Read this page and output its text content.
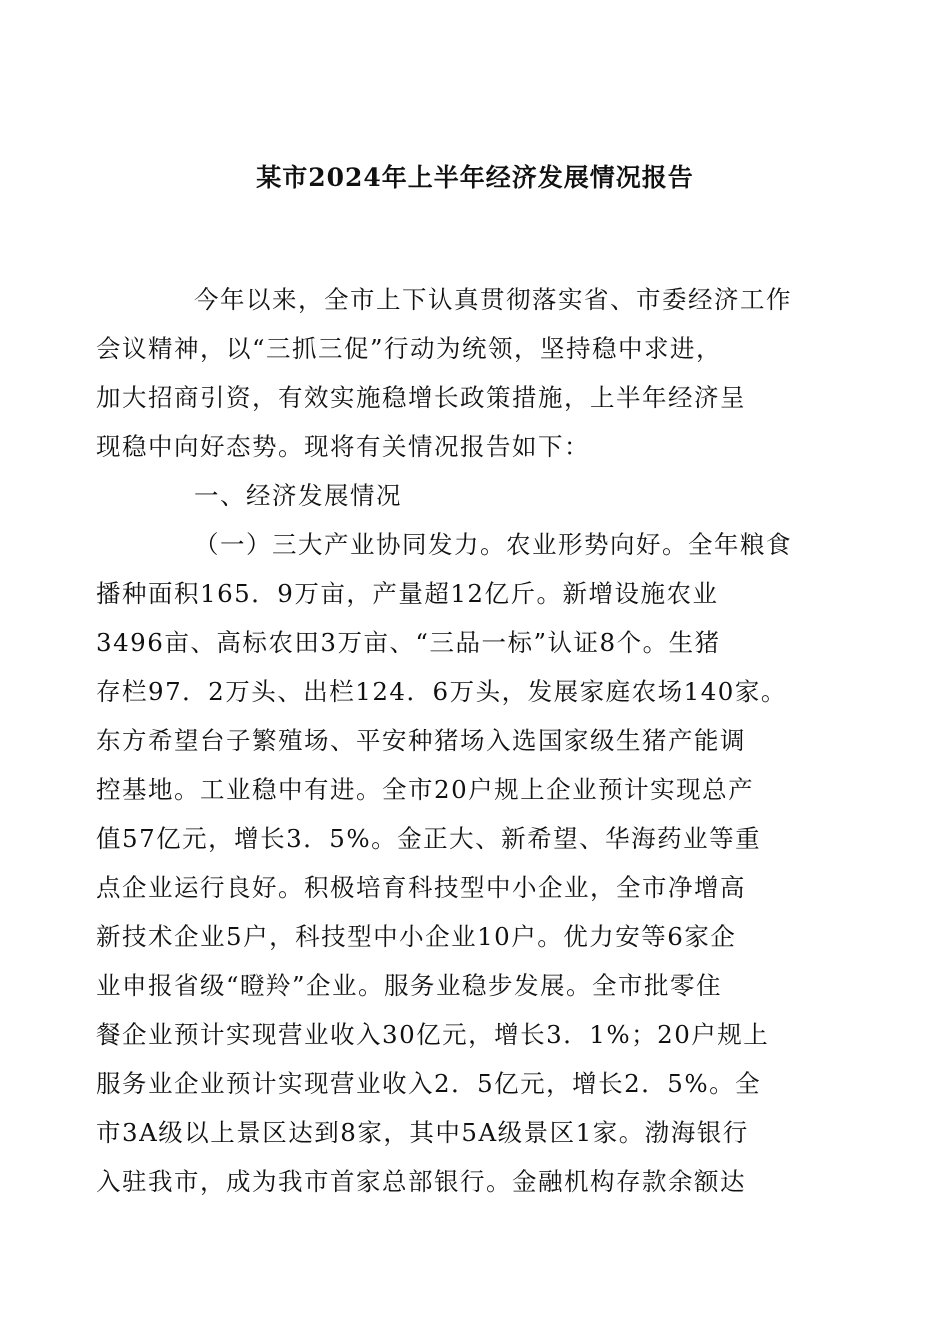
某市2024年上半年经济发展情况报告

今年以来，全市上下认真贯彻落实省、市委经济工作
会议精神，以“三抓三促”行动为统领，坚持稳中求进，
加大招商引资，有效实施稳增长政策措施，上半年经济呈
现稳中向好态势。现将有关情况报告如下：

一、经济发展情况

（一）三大产业协同发力。农业形势向好。全年粮食
播种面积165．9万亩，产量超12亿斤。新增设施农业
3496亩、高标农田3万亩、“三品一标”认证8个。生猪
存栏97．2万头、出栏124．6万头，发展家庭农场140家。
东方希望台子繁殖场、平安种猪场入选国家级生猪产能调
控基地。工业稳中有进。全市20户规上企业预计实现总产
值57亿元，增长3．5%。金正大、新希望、华海药业等重
点企业运行良好。积极培育科技型中小企业，全市净增高
新技术企业5户，科技型中小企业10户。优力安等6家企
业申报省级“瞪羚”企业。服务业稳步发展。全市批零住
餐企业预计实现营业收入30亿元，增长3．1%；20户规上
服务业企业预计实现营业收入2．5亿元，增长2．5%。全
市3A级以上景区达到8家，其中5A级景区1家。渤海银行
入驻我市，成为我市首家总部银行。金融机构存款余额达
